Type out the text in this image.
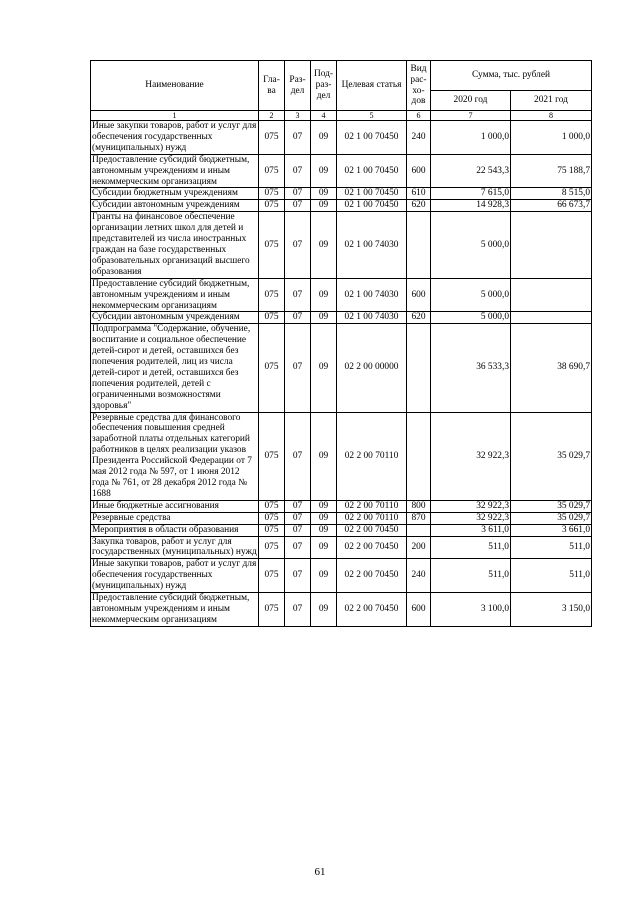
Наименование	Гла-ва	Раз-дел	Под-раз-дел	Целевая статья	Вид рас-хо-дов	Сумма, тыс. рублей	
						2020 год	2021 год
1	2	3	4	5	6	7	8
Иные закупки товаров, работ и услуг для обеспечения государственных (муниципальных) нужд	075	07	09	02 1 00 70450	240	1 000,0	1 000,0
Предоставление субсидий бюджетным, автономным учреждениям и иным некоммерческим организациям	075	07	09	02 1 00 70450	600	22 543,3	75 188,7
Субсидии бюджетным учреждениям	075	07	09	02 1 00 70450	610	7 615,0	8 515,0
Субсидии автономным учреждениям	075	07	09	02 1 00 70450	620	14 928,3	66 673,7
Гранты на финансовое обеспечение организации летних школ для детей и представителей из числа иностранных граждан на базе государственных образовательных организаций высшего образования	075	07	09	02 1 00 74030		5 000,0	
Предоставление субсидий бюджетным, автономным учреждениям и иным некоммерческим организациям	075	07	09	02 1 00 74030	600	5 000,0	
Субсидии автономным учреждениям	075	07	09	02 1 00 74030	620	5 000,0	
Подпрограмма "Содержание, обучение, воспитание и социальное обеспечение детей-сирот и детей, оставшихся без попечения родителей, лиц из числа детей-сирот и детей, оставшихся без попечения родителей, детей с ограниченными возможностями здоровья"	075	07	09	02 2 00 00000		36 533,3	38 690,7
Резервные средства для финансового обеспечения повышения средней заработной платы отдельных категорий работников в целях реализации указов Президента Российской Федерации от 7 мая 2012 года № 597, от 1 июня 2012 года № 761, от 28 декабря 2012 года № 1688	075	07	09	02 2 00 70110		32 922,3	35 029,7
Иные бюджетные ассигнования	075	07	09	02 2 00 70110	800	32 922,3	35 029,7
Резервные средства	075	07	09	02 2 00 70110	870	32 922,3	35 029,7
Мероприятия в области образования	075	07	09	02 2 00 70450		3 611,0	3 661,0
Закупка товаров, работ и услуг для государственных (муниципальных) нужд	075	07	09	02 2 00 70450	200	511,0	511,0
Иные закупки товаров, работ и услуг для обеспечения государственных (муниципальных) нужд	075	07	09	02 2 00 70450	240	511,0	511,0
Предоставление субсидий бюджетным, автономным учреждениям и иным некоммерческим организациям	075	07	09	02 2 00 70450	600	3 100,0	3 150,0
61
